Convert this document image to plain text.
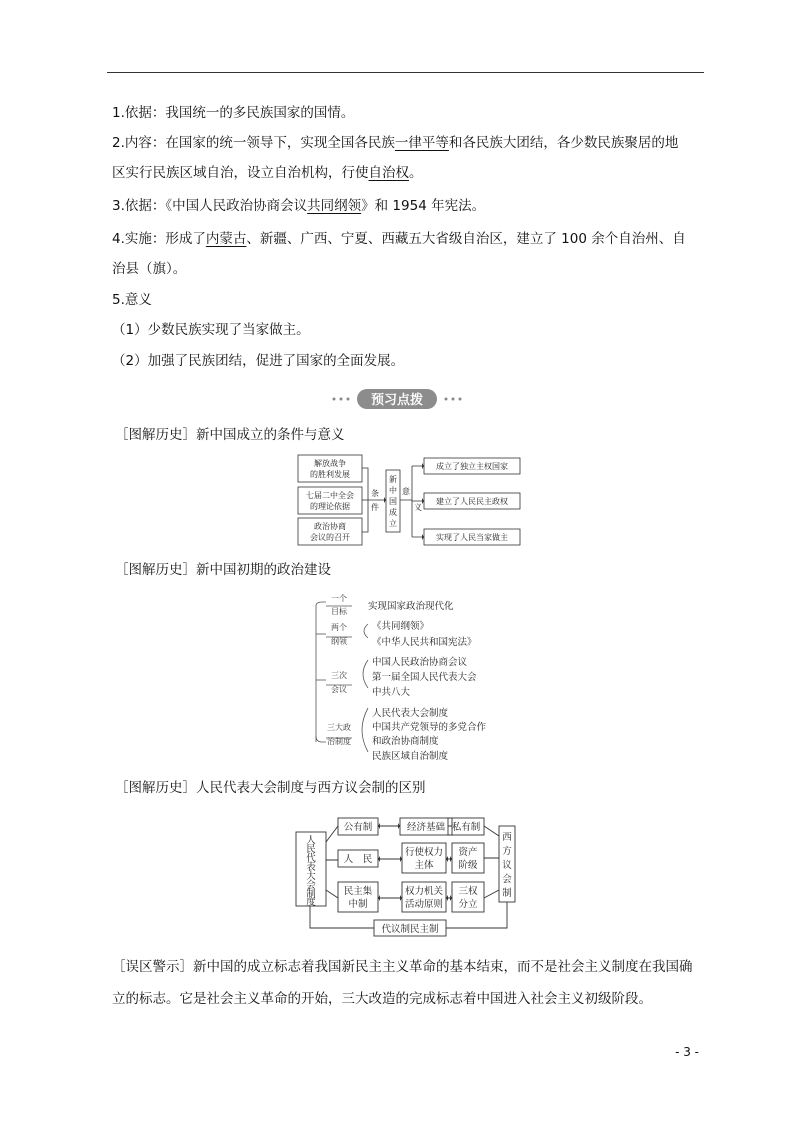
1.依据：我国统一的多民族国家的国情。
2.内容：在国家的统一领导下，实现全国各民族一律平等和各民族大团结，各少数民族聚居的地
区实行民族区域自治，设立自治机构，行使自治权。
3.依据：《中国人民政治协商会议共同纲领》和 1954 年宪法。
4.实施：形成了内蒙古、新疆、广西、宁夏、西藏五大省级自治区，建立了 100 余个自治州、自
治县（旗）。
5.意义
（1）少数民族实现了当家做主。
（2）加强了民族团结，促进了国家的全面发展。
预习点拨
［图解历史］新中国成立的条件与意义
解放战争
的胜利发展
七届二中全会
的理论依据
政治协商
会议的召开
条
件
新
中
国
成
立
意
义
成立了独立主权国家
建立了人民民主政权
实现了人民当家做主
［图解历史］新中国初期的政治建设
一个
目标
两个
纲领
三次
会议
三大政
治制度
实现国家政治现代化
《共同纲领》
《中华人民共和国宪法》
中国人民政治协商会议
第一届全国人民代表大会
中共八大
人民代表大会制度
中国共产党领导的多党合作
和政治协商制度
民族区域自治制度
［图解历史］人民代表大会制度与西方议会制的区别
人
民
代
表
大
会
制
度
西
方
议
会
制
公有制	经济基础 私有制
人　民
行使权力
主体
资产
阶级
民主集
中制
权力机关
活动原则
三权
分立
代议制民主制
［误区警示］新中国的成立标志着我国新民主主义革命的基本结束，而不是社会主义制度在我国确
立的标志。它是社会主义革命的开始，三大改造的完成标志着中国进入社会主义初级阶段。
- 3 -
